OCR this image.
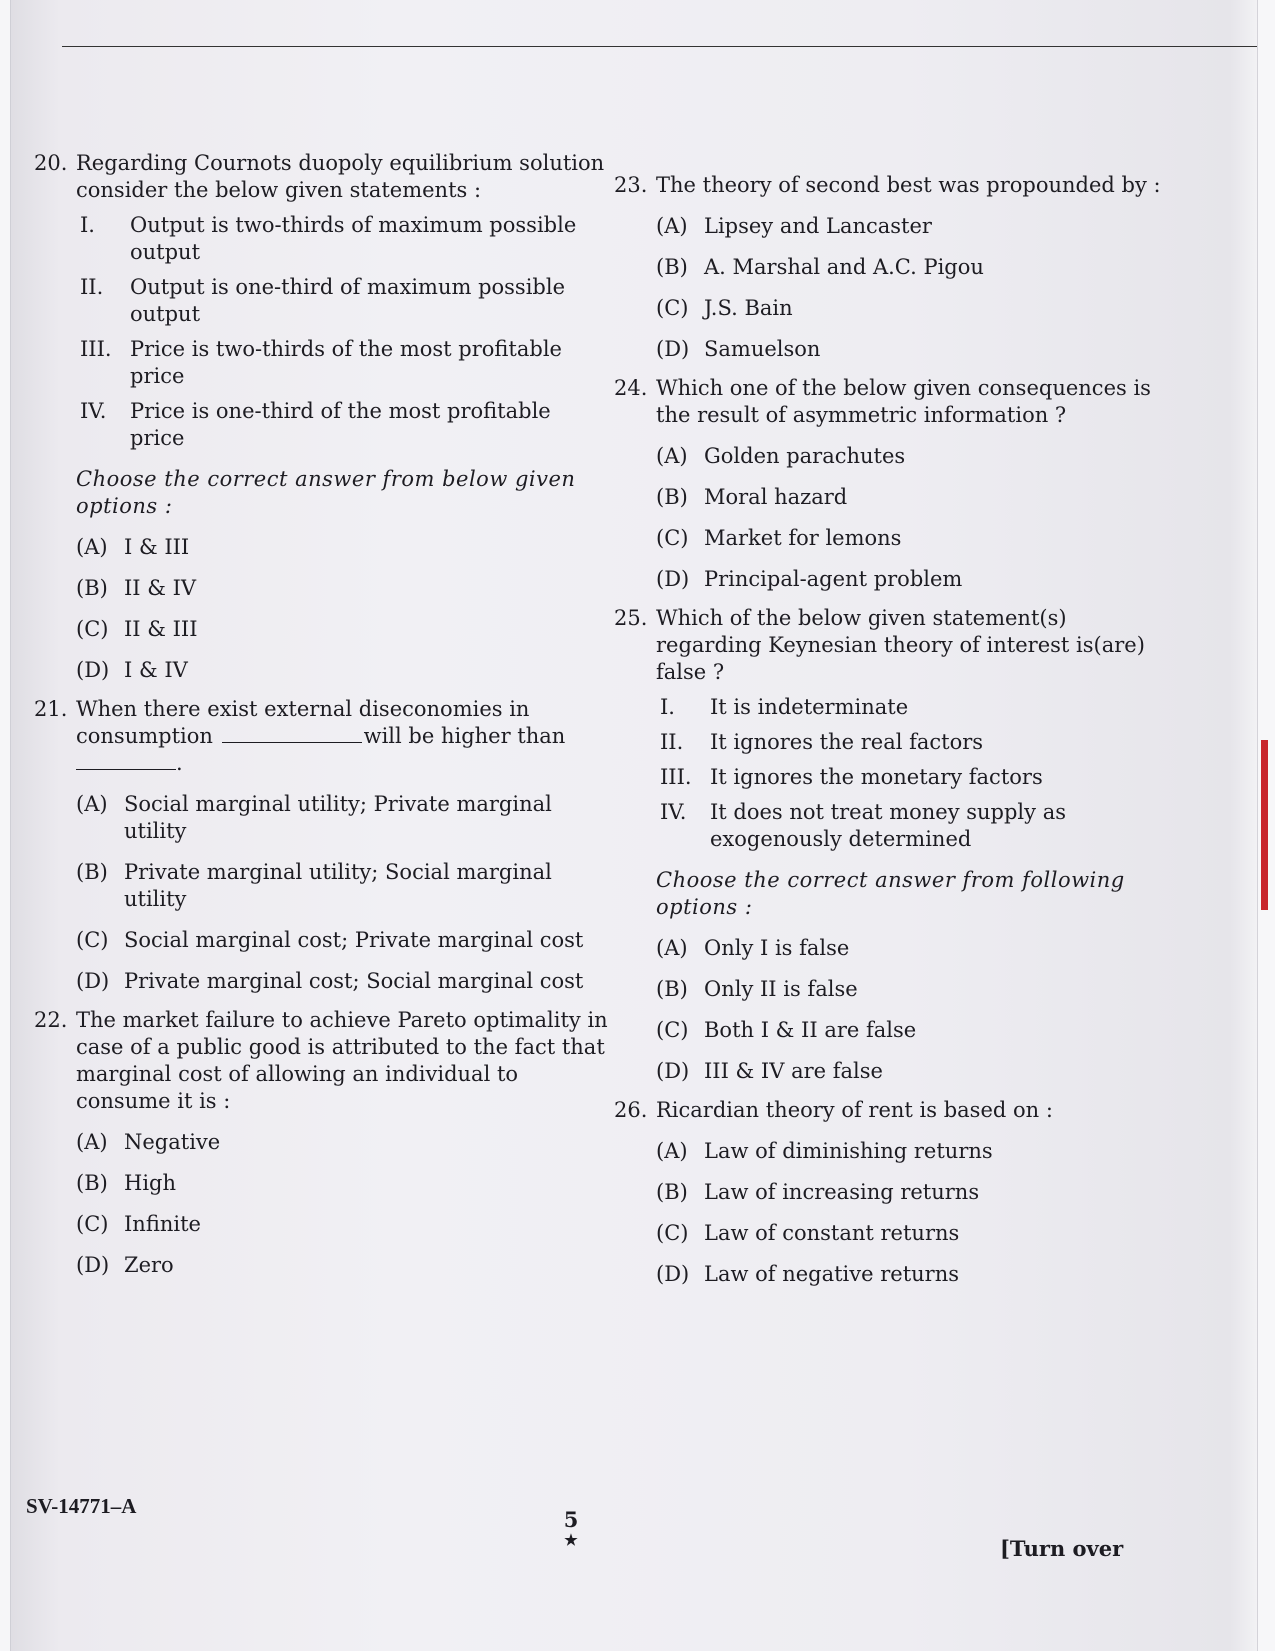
20. Regarding Cournots duopoly equilibrium solution consider the below given statements :
I. Output is two-thirds of maximum possible output
II. Output is one-third of maximum possible output
III. Price is two-thirds of the most profitable price
IV. Price is one-third of the most profitable price
Choose the correct answer from below given options :
(A) I & III
(B) II & IV
(C) II & III
(D) I & IV
21. When there exist external diseconomies in consumption	will be higher than .
(A) Social marginal utility; Private marginal utility
(B) Private marginal utility; Social marginal utility
(C) Social marginal cost; Private marginal cost
(D) Private marginal cost; Social marginal cost
22. The market failure to achieve Pareto optimality in case of a public good is attributed to the fact that marginal cost of allowing an individual to consume it is :
(A) Negative
(B) High
(C) Infinite
(D) Zero
23. The theory of second best was propounded by :
(A) Lipsey and Lancaster
(B) A. Marshal and A.C. Pigou
(C) J.S. Bain
(D) Samuelson
24. Which one of the below given consequences is the result of asymmetric information ?
(A) Golden parachutes
(B) Moral hazard
(C) Market for lemons
(D) Principal-agent problem
25. Which of the below given statement(s) regarding Keynesian theory of interest is(are) false ?
I. It is indeterminate
II. It ignores the real factors
III. It ignores the monetary factors
IV. It does not treat money supply as exogenously determined
Choose the correct answer from following options :
(A) Only I is false
(B) Only II is false
(C) Both I & II are false
(D) III & IV are false
26. Ricardian theory of rent is based on :
(A) Law of diminishing returns
(B) Law of increasing returns
(C) Law of constant returns
(D) Law of negative returns
SV-14771–A
5
★	[Turn over
